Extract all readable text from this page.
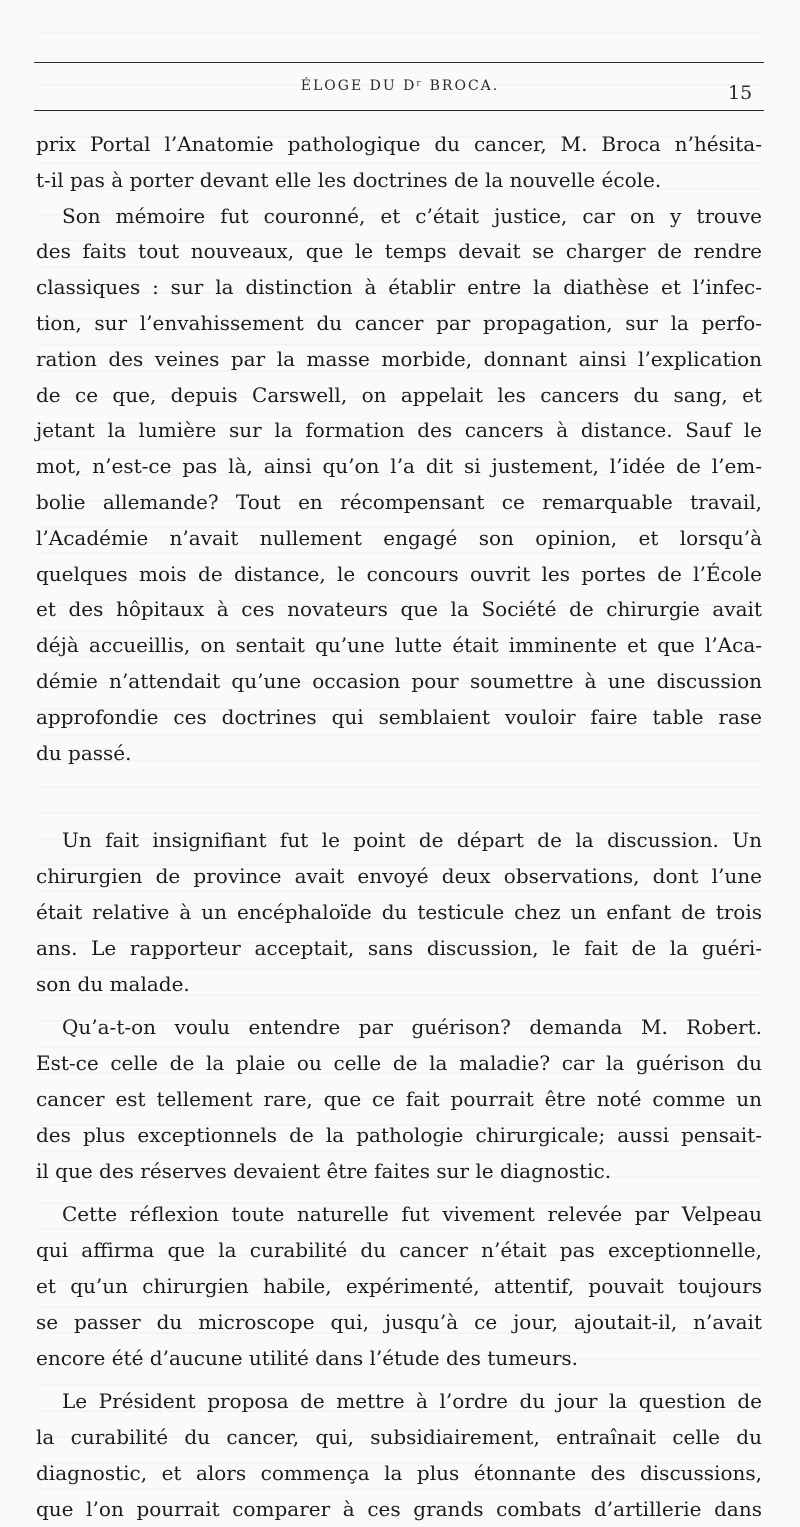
ÉLOGE DU Dʳ BROCA.	15
prix Portal l’Anatomie pathologique du cancer, M. Broca n’hésita-
t-il pas à porter devant elle les doctrines de la nouvelle école.
Son mémoire fut couronné, et c’était justice, car on y trouve
des faits tout nouveaux, que le temps devait se charger de rendre
classiques : sur la distinction à établir entre la diathèse et l’infec-
tion, sur l’envahissement du cancer par propagation, sur la perfo-
ration des veines par la masse morbide, donnant ainsi l’explication
de ce que, depuis Carswell, on appelait les cancers du sang, et
jetant la lumière sur la formation des cancers à distance. Sauf le
mot, n’est-ce pas là, ainsi qu’on l’a dit si justement, l’idée de l’em-
bolie allemande? Tout en récompensant ce remarquable travail,
l’Académie n’avait nullement engagé son opinion, et lorsqu’à
quelques mois de distance, le concours ouvrit les portes de l’École
et des hôpitaux à ces novateurs que la Société de chirurgie avait
déjà accueillis, on sentait qu’une lutte était imminente et que l’Aca-
démie n’attendait qu’une occasion pour soumettre à une discussion
approfondie ces doctrines qui semblaient vouloir faire table rase
du passé.
Un fait insignifiant fut le point de départ de la discussion. Un
chirurgien de province avait envoyé deux observations, dont l’une
était relative à un encéphaloïde du testicule chez un enfant de trois
ans. Le rapporteur acceptait, sans discussion, le fait de la guéri-
son du malade.
Qu’a-t-on voulu entendre par guérison? demanda M. Robert.
Est-ce celle de la plaie ou celle de la maladie? car la guérison du
cancer est tellement rare, que ce fait pourrait être noté comme un
des plus exceptionnels de la pathologie chirurgicale; aussi pensait-
il que des réserves devaient être faites sur le diagnostic.
Cette réflexion toute naturelle fut vivement relevée par Velpeau
qui affirma que la curabilité du cancer n’était pas exceptionnelle,
et qu’un chirurgien habile, expérimenté, attentif, pouvait toujours
se passer du microscope qui, jusqu’à ce jour, ajoutait-il, n’avait
encore été d’aucune utilité dans l’étude des tumeurs.
Le Président proposa de mettre à l’ordre du jour la question de
la curabilité du cancer, qui, subsidiairement, entraînait celle du
diagnostic, et alors commença la plus étonnante des discussions,
que l’on pourrait comparer à ces grands combats d’artillerie dans
